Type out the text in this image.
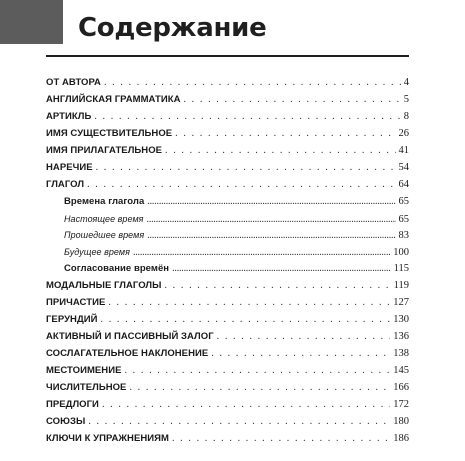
Содержание
ОТ АВТОРА . . .	4
АНГЛИЙСКАЯ ГРАММАТИКА . . .	5
АРТИКЛЬ . . .	8
ИМЯ СУЩЕСТВИТЕЛЬНОЕ . . .	26
ИМЯ ПРИЛАГАТЕЛЬНОЕ . . .	41
НАРЕЧИЕ . . .	54
ГЛАГОЛ . . .	64
Времена глагола .....	65
Настоящее время .....	65
Прошедшее время .....	83
Будущее время .....	100
Согласование времён .....	115
МОДАЛЬНЫЕ ГЛАГОЛЫ . . .	119
ПРИЧАСТИЕ . . .	127
ГЕРУНДИЙ . . .	130
АКТИВНЫЙ И ПАССИВНЫЙ ЗАЛОГ . . .	136
СОСЛАГАТЕЛЬНОЕ НАКЛОНЕНИЕ . . .	138
МЕСТОИМЕНИЕ . . .	145
ЧИСЛИТЕЛЬНОЕ . . .	166
ПРЕДЛОГИ . . .	172
СОЮЗЫ . . .	180
КЛЮЧИ К УПРАЖНЕНИЯМ . . .	186
